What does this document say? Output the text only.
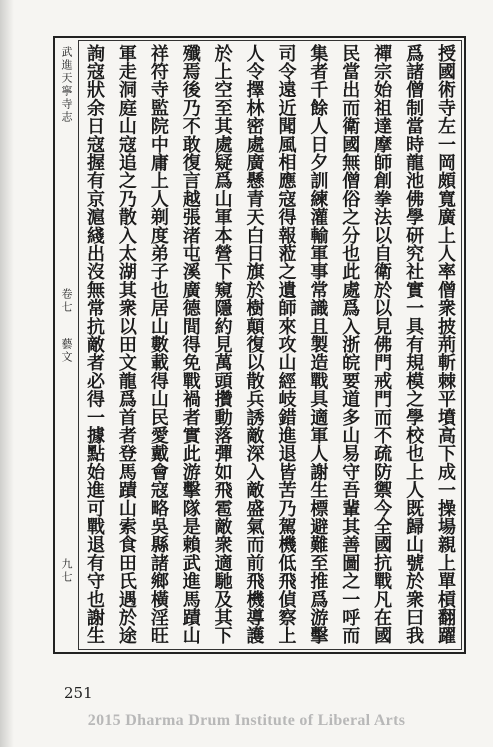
武進天寧寺志
卷七
藝文
九七	授國術寺左一岡頗寬廣上人率僧衆披荊斬棘平墳高下成一操場親上單槓翻躍
爲諸僧制當時龍池佛學研究社實一具有規模之學校也上人既歸山號於衆曰我
禪宗始祖達摩師創拳法以自衛於以見佛門戒門而不疏防禦今全國抗戰凡在國
民當出而衛國無僧俗之分也此處爲入浙皖要道多山易守吾輩其善圖之一呼而
集者千餘人日夕訓練灌輸軍事常識且製造戰具適軍人謝生標避難至推爲游擊
司令遠近聞風相應寇得報蒞之遺師來攻山經岐錯進退皆苦乃駕機低飛偵察上
人令擇林密處廣懸青天白日旗於樹顛復以散兵誘敵深入敵盛氣而前飛機導護
於上空至其處疑爲山軍本營下窺隱約見萬頭攢動落彈如飛雹敵衆適馳及其下
殲焉後乃不敢復言越張渚屯溪廣德間得免戰禍者實此游擊隊是賴武進馬蹟山
祥符寺監院中庸上人剃度弟子也居山數載得山民愛戴會寇略吳縣諸鄉橫淫旺
軍走洞庭山寇追之乃散入太湖其衆以田文龍爲首者登馬蹟山索食田氏遇於途
詢寇狀余日寇握有京滬綫出沒無常抗敵者必得一據點始進可戰退有守也謝生
251
2015 Dharma Drum Institute of Liberal Arts
